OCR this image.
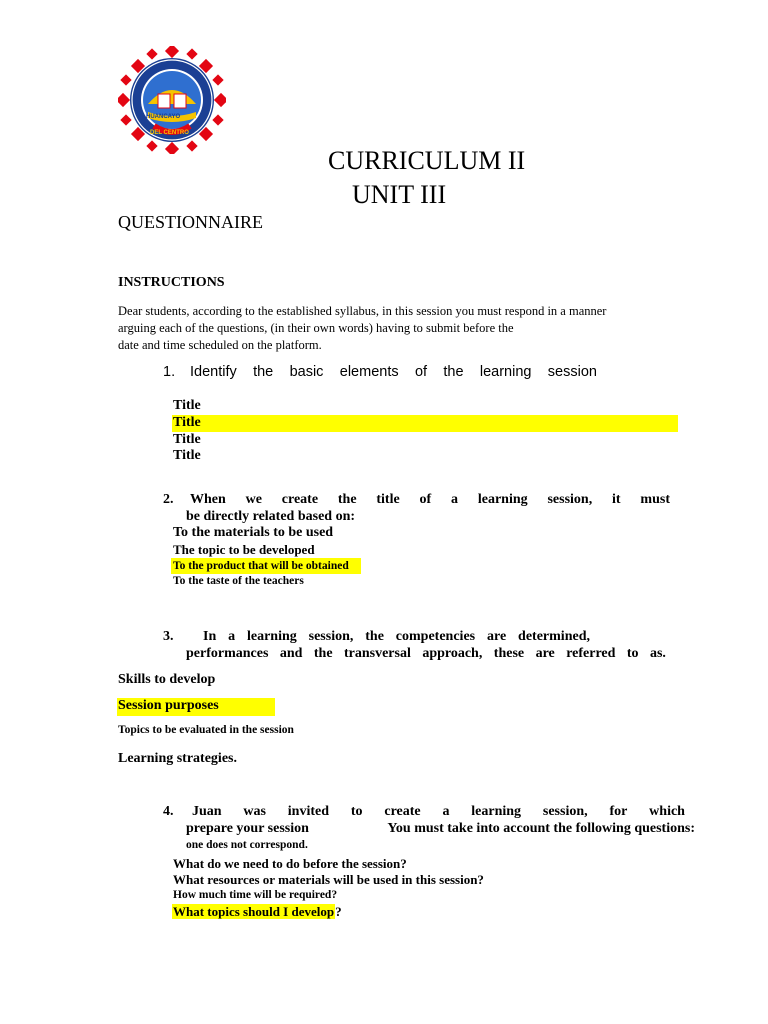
HUANCAYO
DEL CENTRO
CURRICULUM II
UNIT III
QUESTIONNAIRE
INSTRUCTIONS
Dear students, according to the established syllabus, in this session you must respond in a manner
arguing each of the questions, (in their own words) having to submit before the
date and time scheduled on the platform.
1. Identify the basic elements of the learning session
Title
Title
Title
Title
2. When we create the title of a learning session, it must
be directly related based on:
To the materials to be used
The topic to be developed
To the product that will be obtained
To the taste of the teachers
3. In a learning session, the competencies are determined,
performances and the transversal approach, these are referred to as.
Skills to develop
Session purposes
Topics to be evaluated in the session
Learning strategies.
4. Juan was invited to create a learning session, for which
prepare your session	You must take into account the following questions:
one does not correspond.
What do we need to do before the session?
What resources or materials will be used in this session?
How much time will be required?
What topics should I develop?
